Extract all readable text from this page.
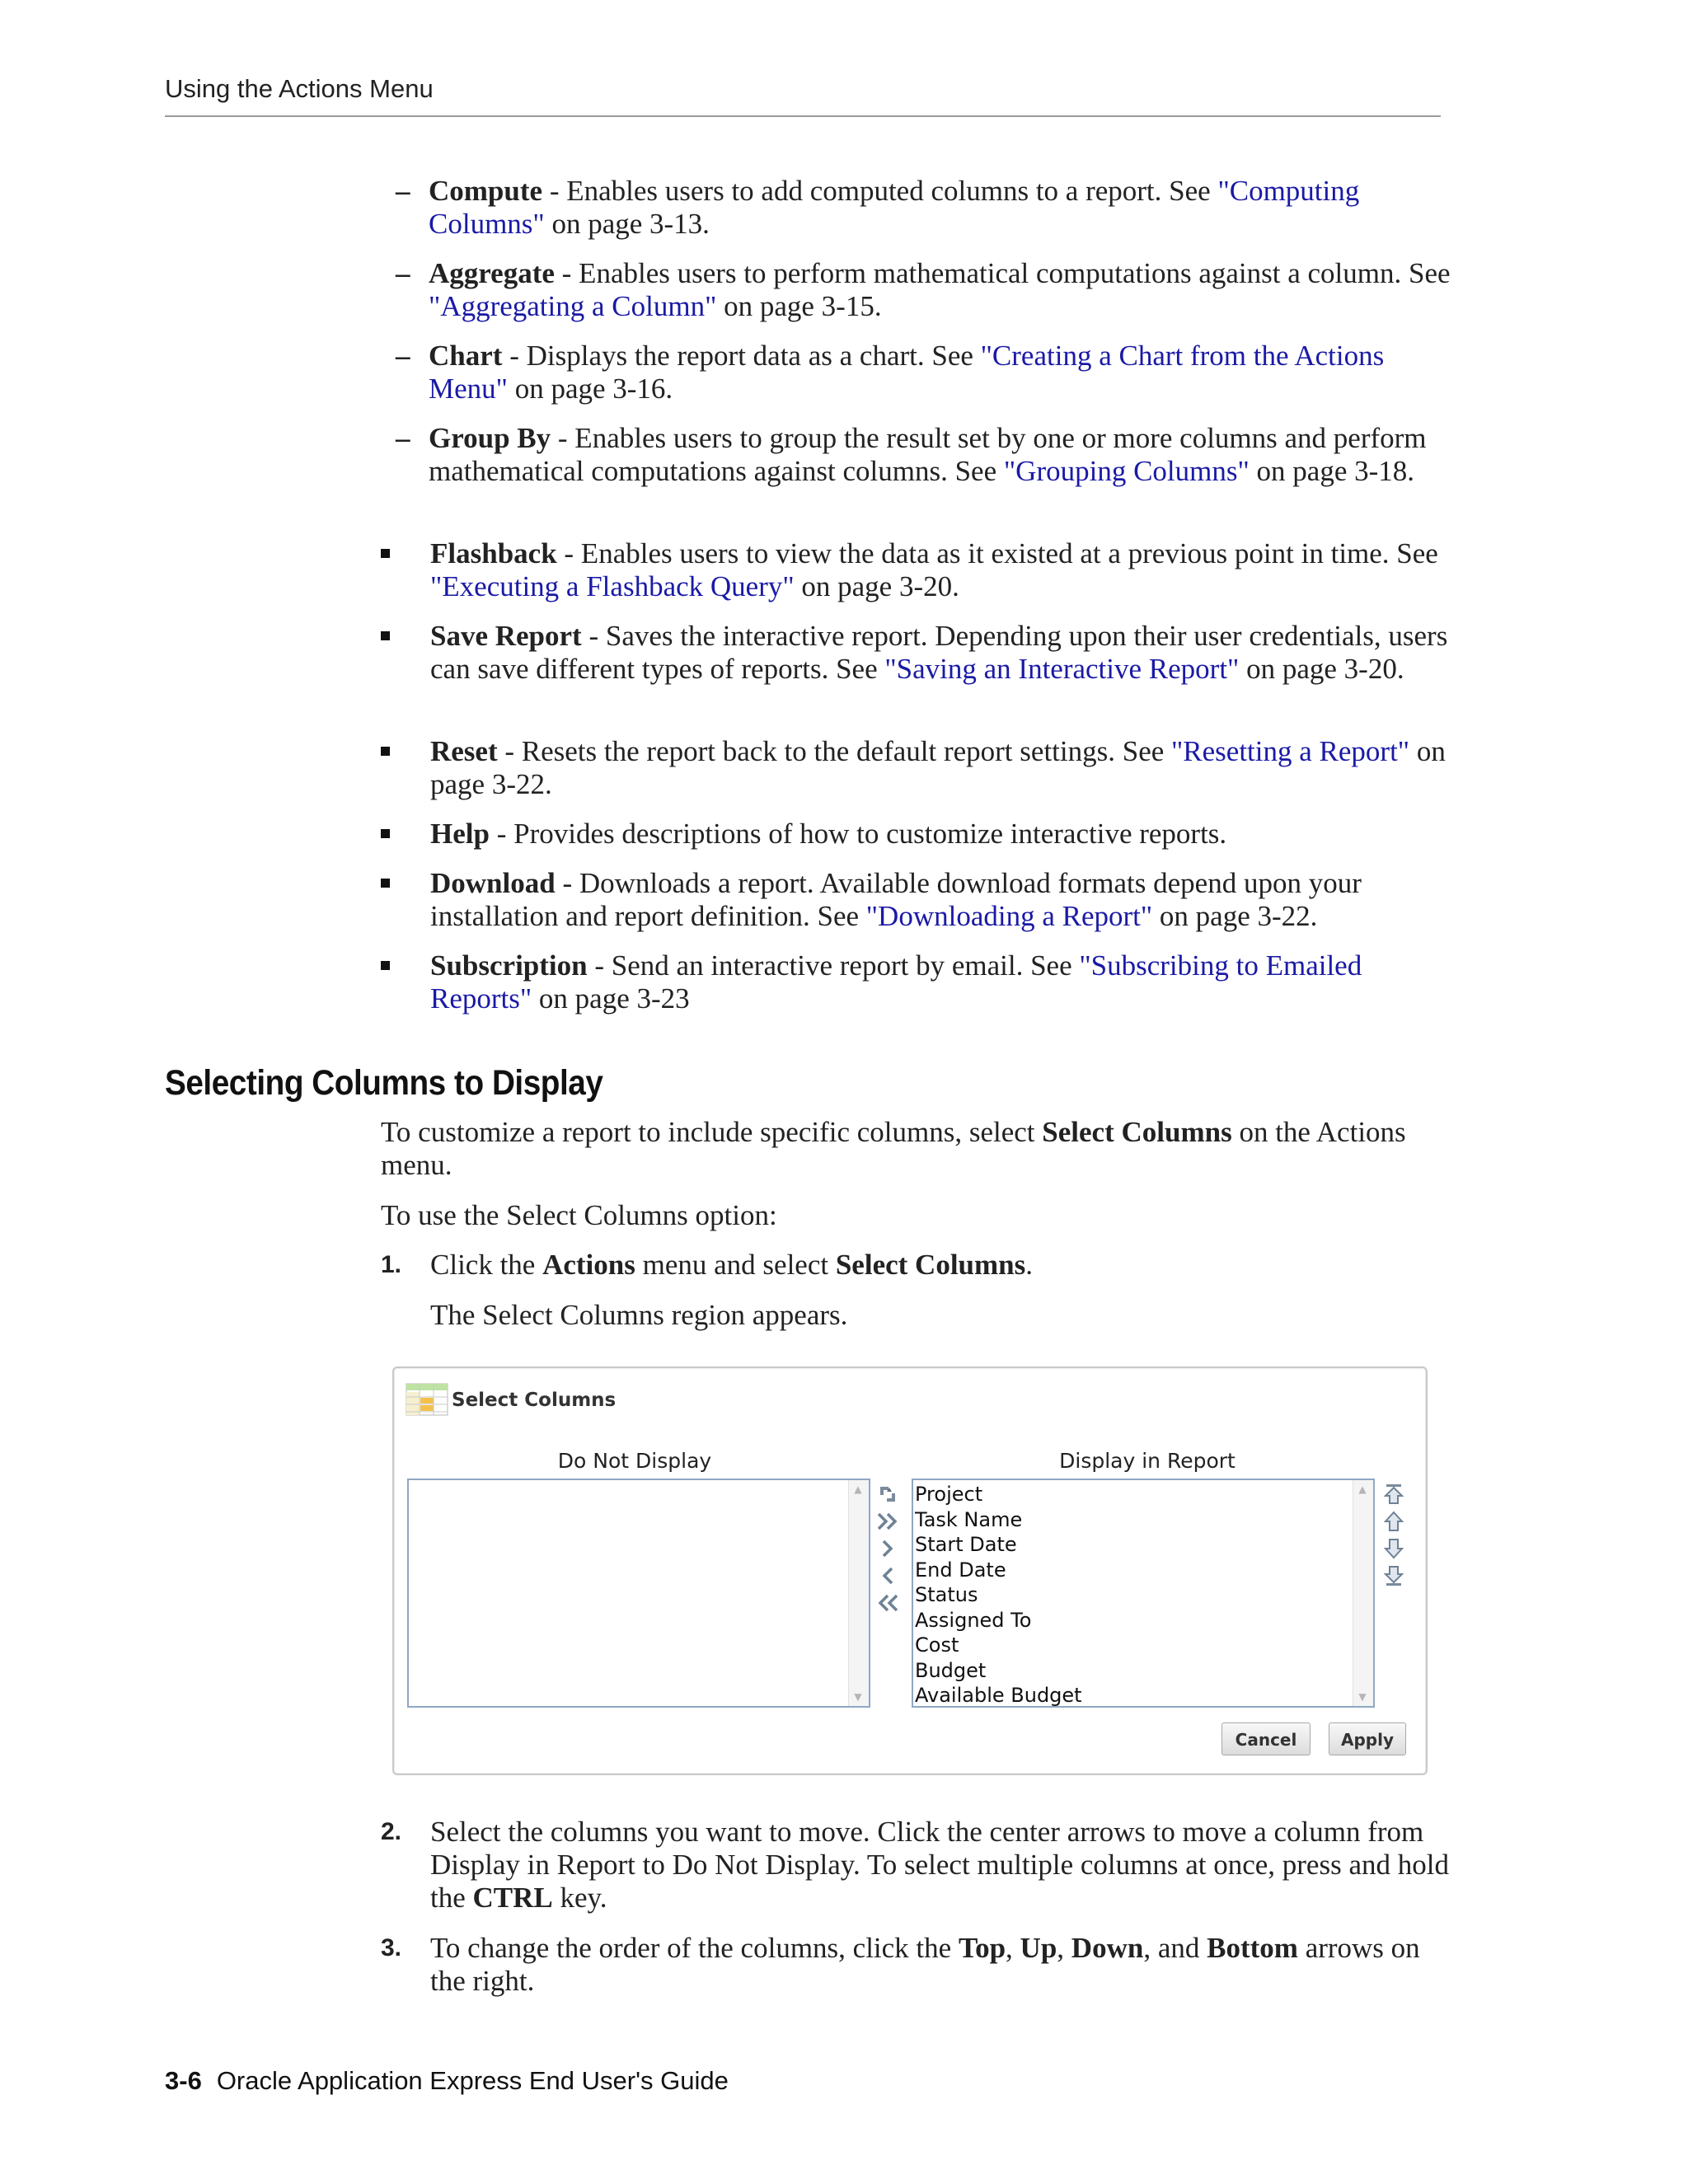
Using the Actions Menu
– Compute - Enables users to add computed columns to a report. See "Computing Columns" on page 3-13.
– Aggregate - Enables users to perform mathematical computations against a column. See "Aggregating a Column" on page 3-15.
– Chart - Displays the report data as a chart. See "Creating a Chart from the Actions Menu" on page 3-16.
– Group By - Enables users to group the result set by one or more columns and perform mathematical computations against columns. See "Grouping Columns" on page 3-18.
Flashback - Enables users to view the data as it existed at a previous point in time. See "Executing a Flashback Query" on page 3-20.
Save Report - Saves the interactive report. Depending upon their user credentials, users can save different types of reports. See "Saving an Interactive Report" on page 3-20.
Reset - Resets the report back to the default report settings. See "Resetting a Report" on page 3-22.
Help - Provides descriptions of how to customize interactive reports.
Download - Downloads a report. Available download formats depend upon your installation and report definition. See "Downloading a Report" on page 3-22.
Subscription - Send an interactive report by email. See "Subscribing to Emailed Reports" on page 3-23
Selecting Columns to Display
To customize a report to include specific columns, select Select Columns on the Actions menu.
To use the Select Columns option:
1. Click the Actions menu and select Select Columns.
The Select Columns region appears.
Select Columns
Do Not Display	Display in Report
▲
▼
Project
Task Name
Start Date
End Date
Status
Assigned To
Cost
Budget
Available Budget
▲
▼
Cancel	Apply
2. Select the columns you want to move. Click the center arrows to move a column from Display in Report to Do Not Display. To select multiple columns at once, press and hold the CTRL key.
3. To change the order of the columns, click the Top, Up, Down, and Bottom arrows on the right.
3-6 Oracle Application Express End User's Guide
